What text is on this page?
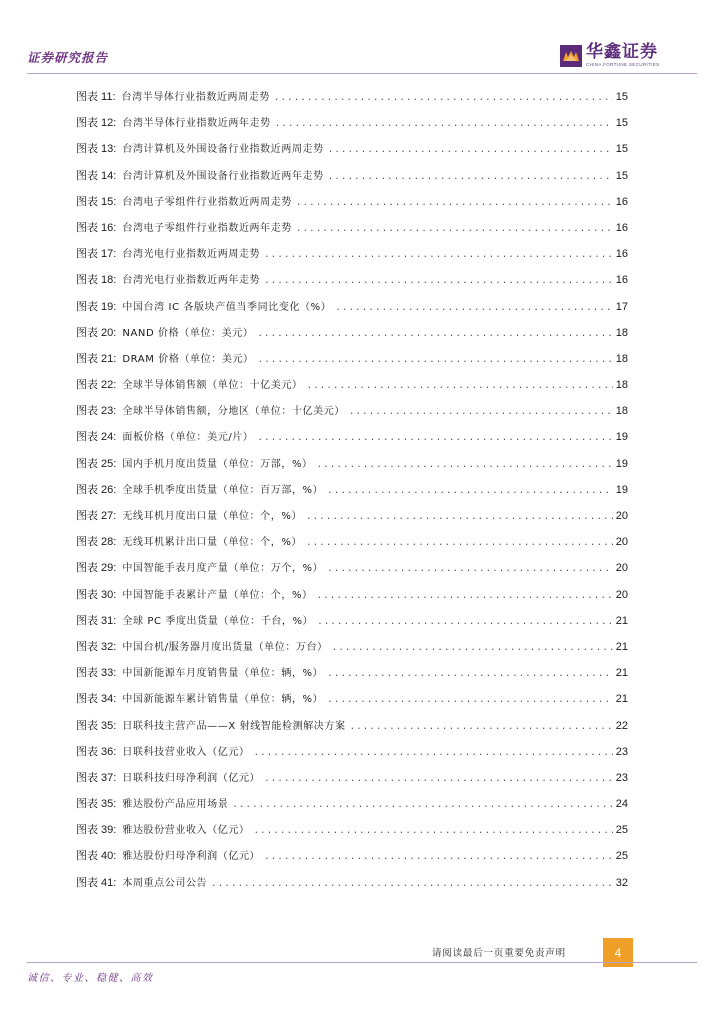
证券研究报告	华鑫证券
CHINA FORTUNE SECURITIES
图表 11: 台湾半导体行业指数近两周走势 .....	15
图表 12: 台湾半导体行业指数近两年走势 .....	15
图表 13: 台湾计算机及外围设备行业指数近两周走势 .....	15
图表 14: 台湾计算机及外围设备行业指数近两年走势 .....	15
图表 15: 台湾电子零组件行业指数近两周走势 .....	16
图表 16: 台湾电子零组件行业指数近两年走势 .....	16
图表 17: 台湾光电行业指数近两周走势 .....	16
图表 18: 台湾光电行业指数近两年走势 .....	16
图表 19: 中国台湾 IC 各版块产值当季同比变化（%） .....	17
图表 20: NAND 价格（单位：美元） .....	18
图表 21: DRAM 价格（单位：美元） .....	18
图表 22: 全球半导体销售额（单位：十亿美元） .....	18
图表 23: 全球半导体销售额，分地区（单位：十亿美元） .....	18
图表 24: 面板价格（单位：美元/片） .....	19
图表 25: 国内手机月度出货量（单位：万部，%） .....	19
图表 26: 全球手机季度出货量（单位：百万部，%） .....	19
图表 27: 无线耳机月度出口量（单位：个，%） .....	20
图表 28: 无线耳机累计出口量（单位：个，%） .....	20
图表 29: 中国智能手表月度产量（单位：万个，%） .....	20
图表 30: 中国智能手表累计产量（单位：个，%） .....	20
图表 31: 全球 PC 季度出货量（单位：千台，%） .....	21
图表 32: 中国台机/服务器月度出货量（单位：万台） .....	21
图表 33: 中国新能源车月度销售量（单位：辆，%） .....	21
图表 34: 中国新能源车累计销售量（单位：辆，%） .....	21
图表 35: 日联科技主营产品——X 射线智能检测解决方案 .....	22
图表 36: 日联科技营业收入（亿元） .....	23
图表 37: 日联科技归母净利润（亿元） .....	23
图表 35: 雅达股份产品应用场景 .....	24
图表 39: 雅达股份营业收入（亿元） .....	25
图表 40: 雅达股份归母净利润（亿元） .....	25
图表 41: 本周重点公司公告 .....	32
请阅读最后一页重要免责声明	4
诚信、专业、稳健、高效
